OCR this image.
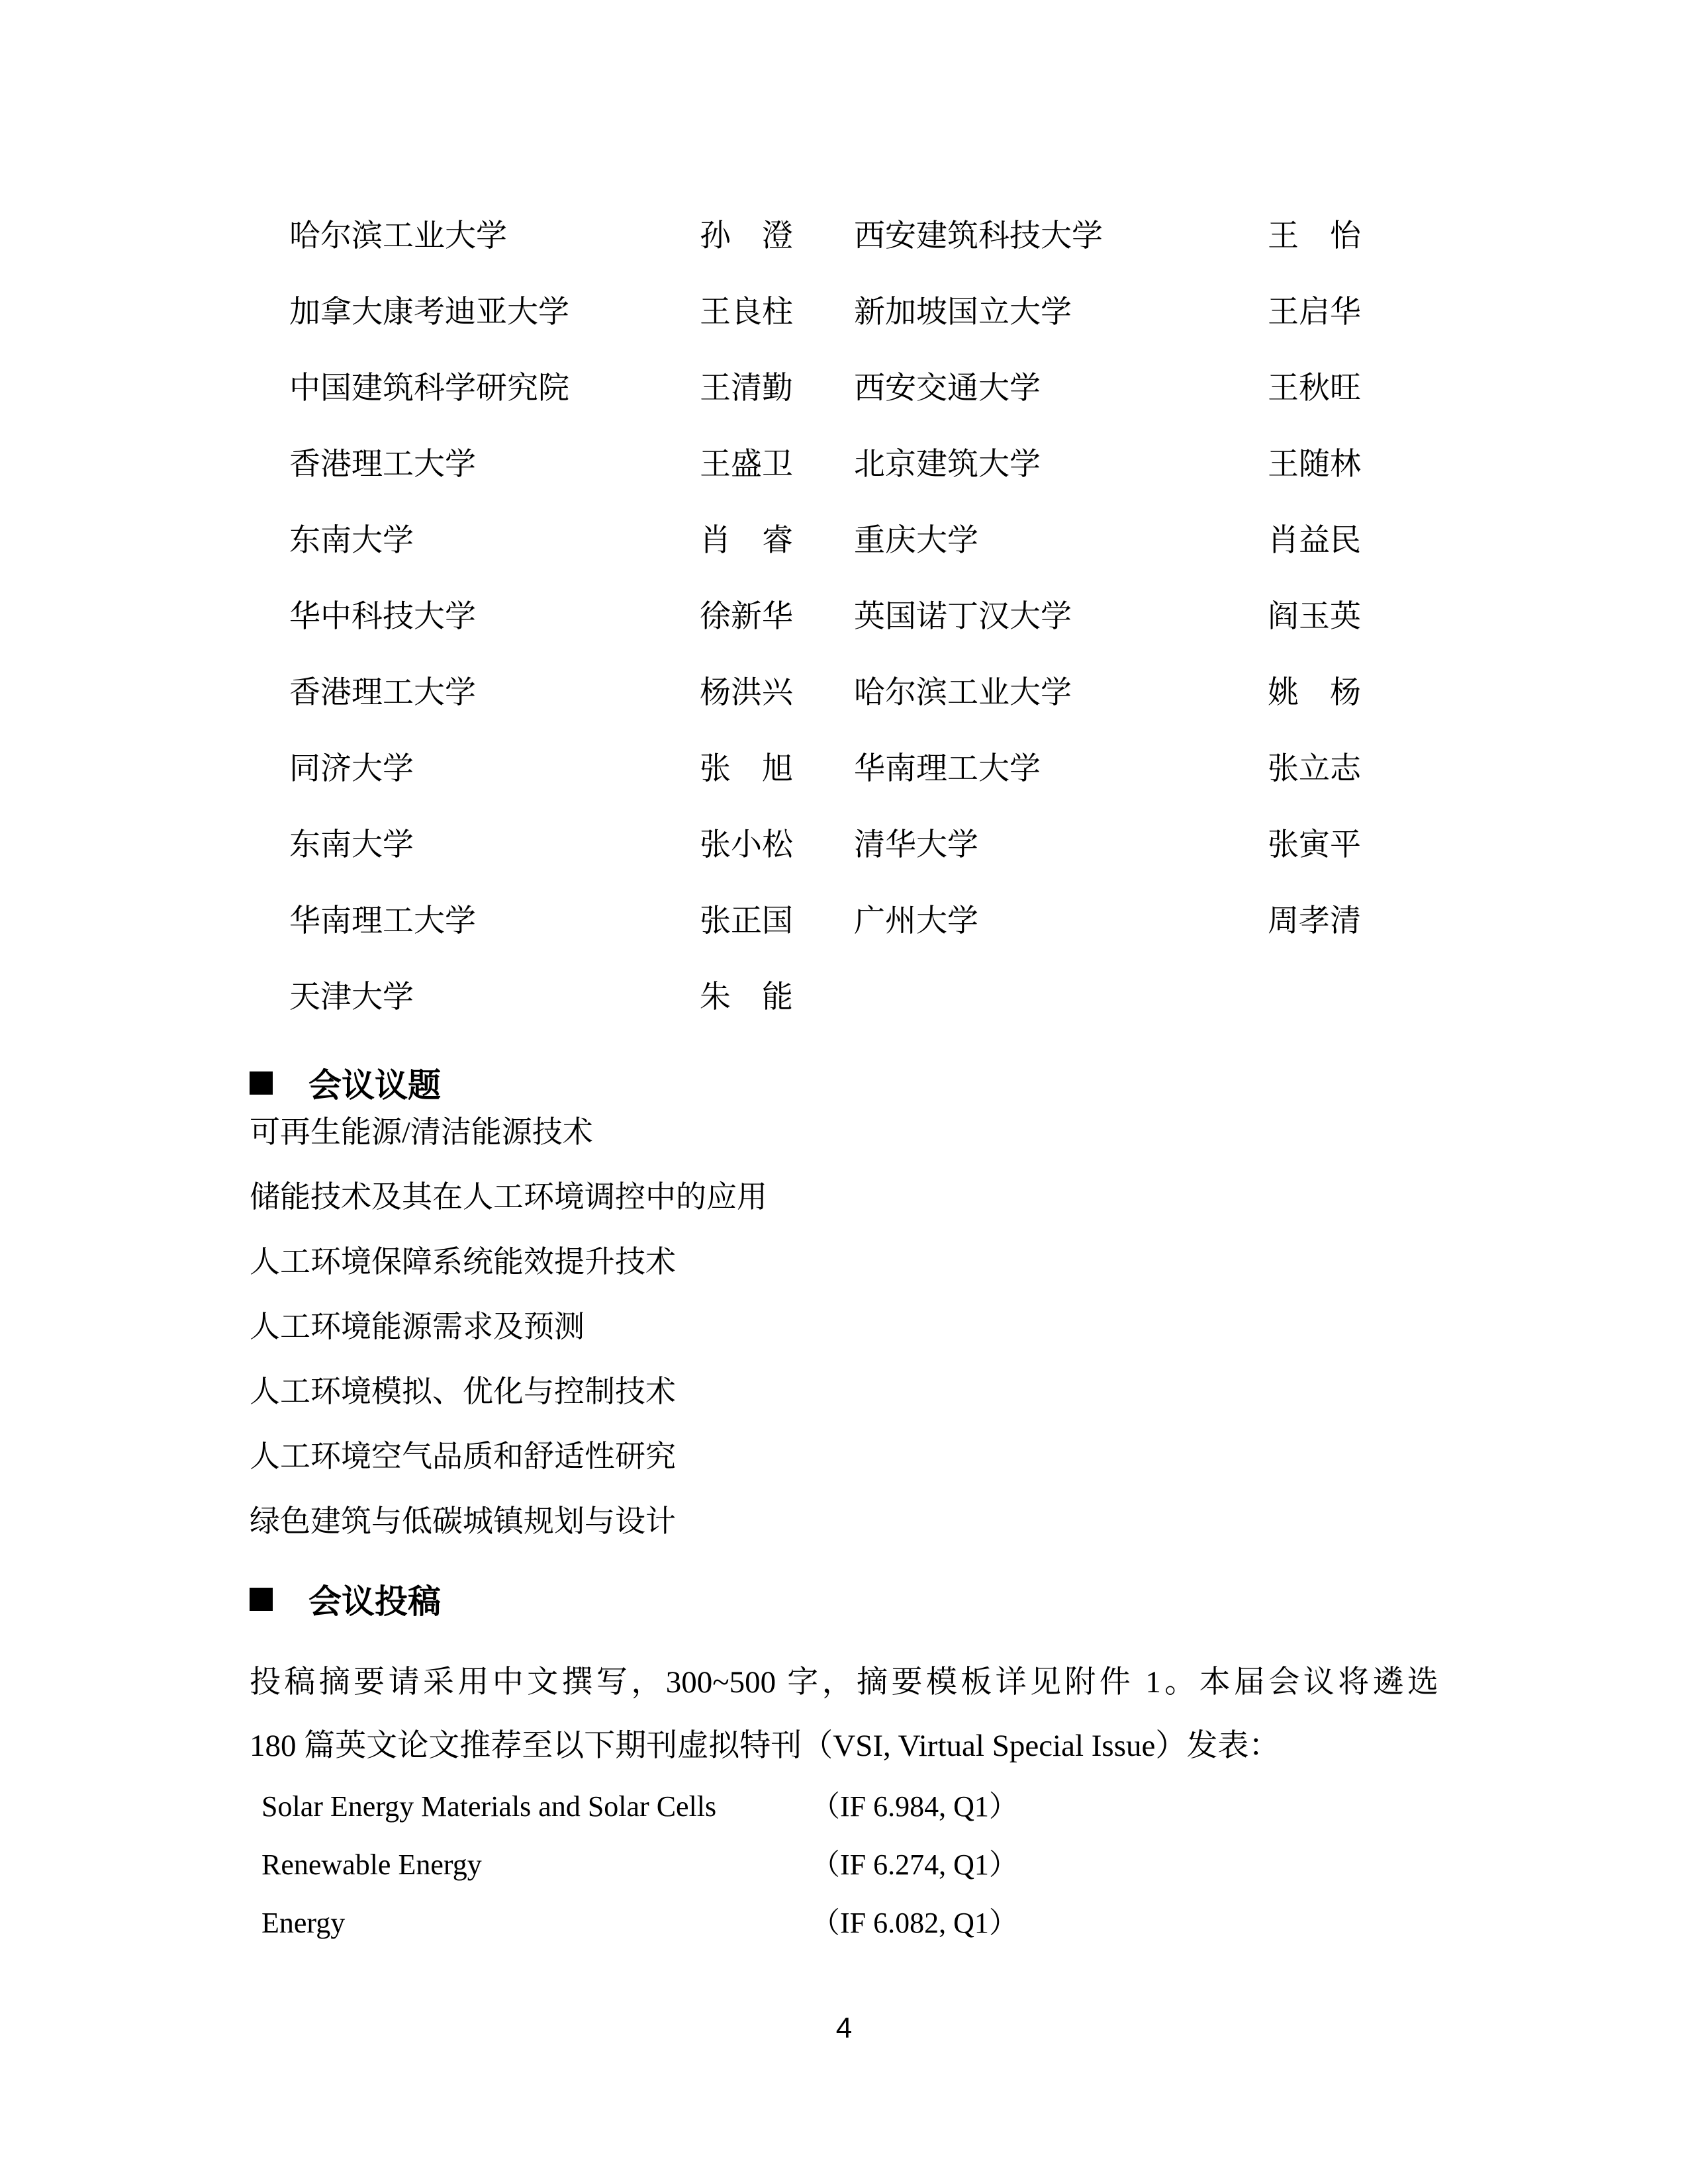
哈尔滨工业大学	孙　澄 西安建筑科技大学	王　怡
加拿大康考迪亚大学	王良柱 新加坡国立大学	王启华
中国建筑科学研究院	王清勤 西安交通大学	王秋旺
香港理工大学	王盛卫 北京建筑大学	王随林
东南大学	肖　睿 重庆大学	肖益民
华中科技大学	徐新华 英国诺丁汉大学	阎玉英
香港理工大学	杨洪兴 哈尔滨工业大学	姚　杨
同济大学	张　旭 华南理工大学	张立志
东南大学	张小松 清华大学	张寅平
华南理工大学	张正国 广州大学	周孝清
天津大学	朱　能
会议议题
可再生能源/清洁能源技术
储能技术及其在人工环境调控中的应用
人工环境保障系统能效提升技术
人工环境能源需求及预测
人工环境模拟、优化与控制技术
人工环境空气品质和舒适性研究
绿色建筑与低碳城镇规划与设计
会议投稿
投稿摘要请采用中文撰写，300~500 字，摘要模板详见附件 1。本届会议将遴选
180 篇英文论文推荐至以下期刊虚拟特刊（VSI, Virtual Special Issue）发表：
Solar Energy Materials and Solar Cells	（IF 6.984, Q1）
Renewable Energy	（IF 6.274, Q1）
Energy	（IF 6.082, Q1）
4
